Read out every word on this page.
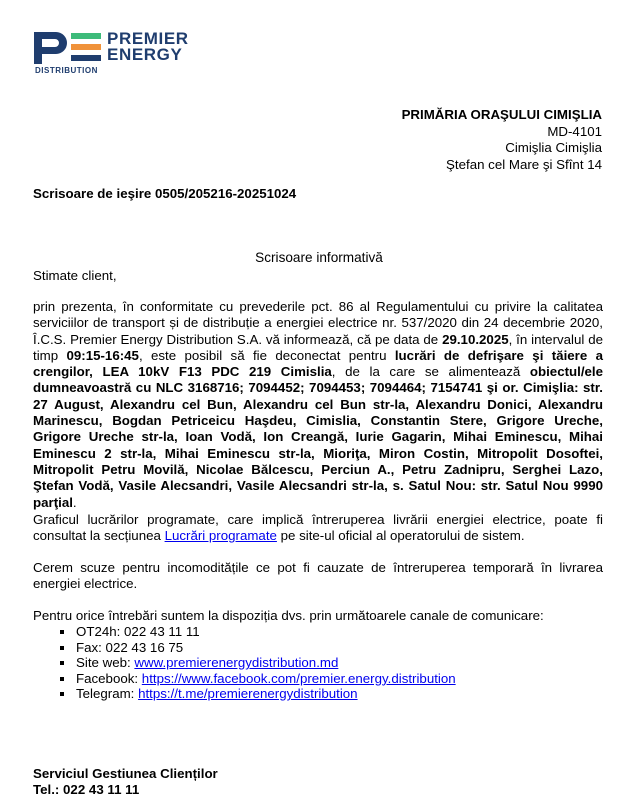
DISTRIBUTION
PREMIER
ENERGY
PRIMĂRIA ORAŞULUI CIMIŞLIA
MD-4101
Cimişlia Cimişlia
Ştefan cel Mare şi Sfînt 14
Scrisoare de ieşire 0505/205216-20251024
Scrisoare informativă
Stimate client,
prin prezenta, în conformitate cu prevederile pct. 86 al Regulamentului cu privire la calitatea serviciilor de transport și de distribuție a energiei electrice nr. 537/2020 din 24 decembrie 2020, Î.C.S. Premier Energy Distribution S.A. vă informează, că pe data de 29.10.2025, în intervalul de timp 09:15-16:45, este posibil să fie deconectat pentru lucrări de defrişare şi tăiere a crengilor, LEA 10kV F13 PDC 219 Cimislia, de la care se alimentează obiectul/ele dumneavoastră cu NLC 3168716; 7094452; 7094453; 7094464; 7154741 şi or. Cimişlia: str. 27 August, Alexandru cel Bun, Alexandru cel Bun str-la, Alexandru Donici, Alexandru Marinescu, Bogdan Petriceicu Haşdeu, Cimislia, Constantin Stere, Grigore Ureche, Grigore Ureche str-la, Ioan Vodă, Ion Creangă, Iurie Gagarin, Mihai Eminescu, Mihai Eminescu 2 str-la, Mihai Eminescu str-la, Mioriţa, Miron Costin, Mitropolit Dosoftei, Mitropolit Petru Movilă, Nicolae Bălcescu, Perciun A., Petru Zadnipru, Serghei Lazo, Ştefan Vodă, Vasile Alecsandri, Vasile Alecsandri str-la, s. Satul Nou: str. Satul Nou 9990 parţial.
Graficul lucrărilor programate, care implică întreruperea livrării energiei electrice, poate fi consultat la secțiunea Lucrări programate pe site-ul oficial al operatorului de sistem.
Cerem scuze pentru incomoditățile ce pot fi cauzate de întreruperea temporară în livrarea energiei electrice.
Pentru orice întrebări suntem la dispoziția dvs. prin următoarele canale de comunicare:
OT24h: 022 43 11 11
Fax: 022 43 16 75
Site web: www.premierenergydistribution.md
Facebook: https://www.facebook.com/premier.energy.distribution
Telegram: https://t.me/premierenergydistribution
Serviciul Gestiunea Clienților
Tel.: 022 43 11 11
